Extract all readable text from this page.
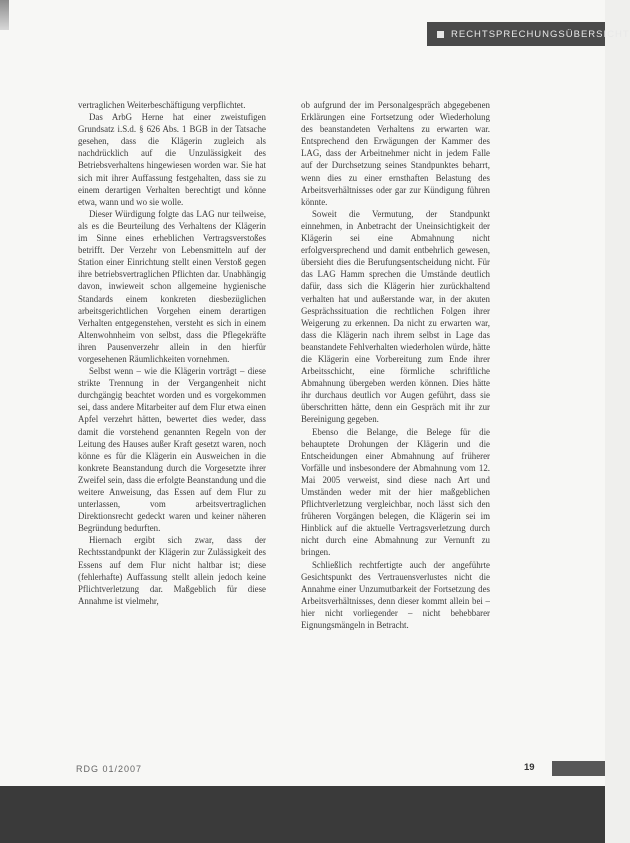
RECHTSPRECHUNGSÜBERSICHT

vertraglichen Weiterbeschäftigung verpflichtet.

Das ArbG Herne hat einer zweistufigen Grundsatz i.S.d. § 626 Abs. 1 BGB in der Tatsache gesehen, dass die Klägerin zugleich als nachdrücklich auf die Unzulässigkeit des Betriebsverhaltens hingewiesen worden war. Sie hat sich mit ihrer Auffassung festgehalten, dass sie zu einem derartigen Verhalten berechtigt und könne etwa, wann und wo sie wolle.

Dieser Würdigung folgte das LAG nur teilweise, als es die Beurteilung des Verhaltens der Klägerin im Sinne eines erheblichen Vertragsverstoßes betrifft. Der Verzehr von Lebensmitteln auf der Station einer Einrichtung stellt einen Verstoß gegen ihre betriebsvertraglichen Pflichten dar. Unabhängig davon, inwieweit schon allgemeine hygienische Standards einem konkreten diesbezüglichen arbeitsgerichtlichen Vorgehen einem derartigen Verhalten entgegenstehen, versteht es sich in einem Altenwohnheim von selbst, dass die Pflegekräfte ihren Pausenverzehr allein in den hierfür vorgesehenen Räumlichkeiten vornehmen.

Selbst wenn – wie die Klägerin vorträgt – diese strikte Trennung in der Vergangenheit nicht durchgängig beachtet worden und es vorgekommen sei, dass andere Mitarbeiter auf dem Flur etwa einen Apfel verzehrt hätten, bewertet dies weder, dass damit die vorstehend genannten Regeln von der Leitung des Hauses außer Kraft gesetzt waren, noch könne es für die Klägerin ein Ausweichen in die konkrete Beanstandung durch die Vorgesetzte ihrer Zweifel sein, dass die erfolgte Beanstandung und die weitere Anweisung, das Essen auf dem Flur zu unterlassen, vom arbeitsvertraglichen Direktionsrecht gedeckt waren und keiner näheren Begründung bedurften.

Hiernach ergibt sich zwar, dass der Rechtsstandpunkt der Klägerin zur Zulässigkeit des Essens auf dem Flur nicht haltbar ist; diese (fehlerhafte) Auffassung stellt allein jedoch keine Pflichtverletzung dar. Maßgeblich für diese Annahme ist vielmehr,

ob aufgrund der im Personalgespräch abgegebenen Erklärungen eine Fortsetzung oder Wiederholung des beanstandeten Verhaltens zu erwarten war. Entsprechend den Erwägungen der Kammer des LAG, dass der Arbeitnehmer nicht in jedem Falle auf der Durchsetzung seines Standpunktes beharrt, wenn dies zu einer ernsthaften Belastung des Arbeitsverhältnisses oder gar zur Kündigung führen könnte.

Soweit die Vermutung, der Standpunkt einnehmen, in Anbetracht der Uneinsichtigkeit der Klägerin sei eine Abmahnung nicht erfolgversprechend und damit entbehrlich gewesen, übersieht dies die Berufungsentscheidung nicht. Für das LAG Hamm sprechen die Umstände deutlich dafür, dass sich die Klägerin hier zurückhaltend verhalten hat und außerstande war, in der akuten Gesprächssituation die rechtlichen Folgen ihrer Weigerung zu erkennen. Da nicht zu erwarten war, dass die Klägerin nach ihrem selbst in Lage das beanstandete Fehlverhalten wiederholen würde, hätte die Klägerin eine Vorbereitung zum Ende ihrer Arbeitsschicht, eine förmliche schriftliche Abmahnung übergeben werden können. Dies hätte ihr durchaus deutlich vor Augen geführt, dass sie überschritten hätte, denn ein Gespräch mit ihr zur Bereinigung gegeben.

Ebenso die Belange, die Belege für die behauptete Drohungen der Klägerin und die Entscheidungen einer Abmahnung auf früherer Vorfälle und insbesondere der Abmahnung vom 12. Mai 2005 verweist, sind diese nach Art und Umständen weder mit der hier maßgeblichen Pflichtverletzung vergleichbar, noch lässt sich den früheren Vorgängen belegen, die Klägerin sei im Hinblick auf die aktuelle Vertragsverletzung durch nicht durch eine Abmahnung zur Vernunft zu bringen.

Schließlich rechtfertigte auch der angeführte Gesichtspunkt des Vertrauensverlustes nicht die Annahme einer Unzumutbarkeit der Fortsetzung des Arbeitsverhältnisses, denn dieser kommt allein bei – hier nicht vorliegender – nicht behebbarer Eignungsmängeln in Betracht.

RDG 01/2007	19
